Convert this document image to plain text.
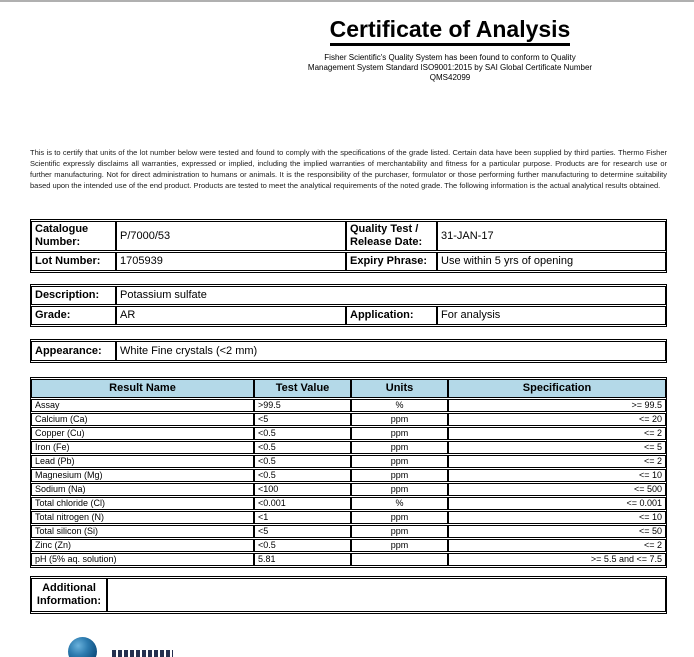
Certificate of Analysis
Fisher Scientific's Quality System has been found to conform to Quality
Management System Standard ISO9001:2015 by SAI Global Certificate Number
QMS42099

This is to certify that units of the lot number below were tested and found to comply with the specifications of the grade listed. Certain data have been supplied by third parties. Thermo Fisher Scientific expressly disclaims all warranties, expressed or implied, including the implied warranties of merchantability and fitness for a particular purpose. Products are for research use or further manufacturing. Not for direct administration to humans or animals. It is the responsibility of the purchaser, formulator or those performing further manufacturing to determine suitability based upon the intended use of the end product. Products are tested to meet the analytical requirements of the noted grade. The following information is the actual analytical results obtained.

Catalogue Number:	P/7000/53	Quality Test / Release Date:	31-JAN-17
Lot Number:	1705939	Expiry Phrase:	Use within 5 yrs of opening
Description:	Potassium sulfate		
Grade:	AR	Application:	For analysis
Appearance:	White Fine crystals (<2 mm)
Result Name	Test Value	Units	Specification
Assay	>99.5	%	>= 99.5
Calcium (Ca)	<5	ppm	<= 20
Copper (Cu)	<0.5	ppm	<= 2
Iron (Fe)	<0.5	ppm	<= 5
Lead (Pb)	<0.5	ppm	<= 2
Magnesium (Mg)	<0.5	ppm	<= 10
Sodium (Na)	<100	ppm	<= 500
Total chloride (Cl)	<0.001	%	<= 0.001
Total nitrogen (N)	<1	ppm	<= 10
Total silicon (Si)	<5	ppm	<= 50
Zinc (Zn)	<0.5	ppm	<= 2
pH (5% aq. solution)	5.81		>= 5.5 and <= 7.5
Additional Information:	
